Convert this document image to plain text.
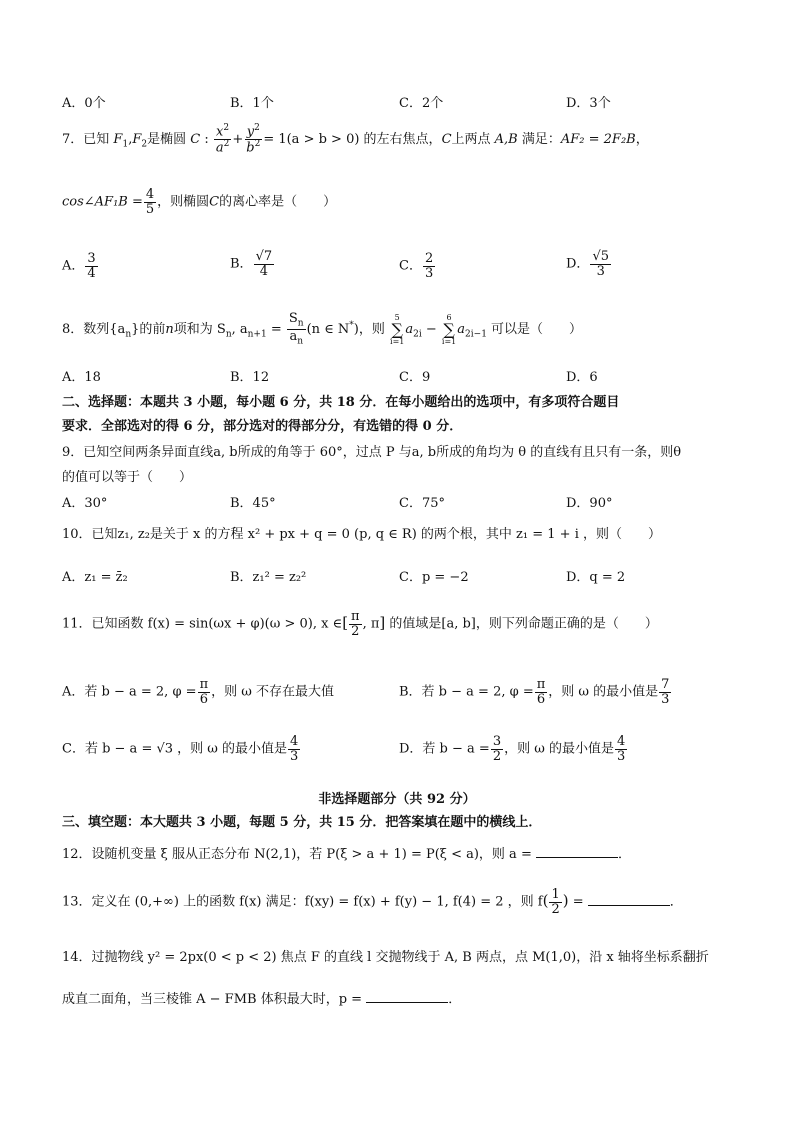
A．0个	B．1个	C．2个	D．3个
7．已知 $F_1,F_2$是椭圆 C : $\frac{x^2}{a^2} + \frac{y^2}{b^2} = 1(a > b > 0)$ 的左右焦点，C上两点 A,B 满足：AF₂ = 2F₂B，
cos∠AF₁B = $\frac{4}{5}$ ，则椭圆C的离心率是（　　）
A． $\frac{3}{4}$	B． $\frac{√7}{4}$	C． $\frac{2}{3}$	D． $\frac{√5}{3}$
8．数列$\{a_n\}$的前n项和为 $S_n$, $a_{n+1} = \frac{S_n}{a_n} (n$ ∈ N*)，则
5
∑
i=1
$a_{2i}$ −
6
∑
i=1
$a_{2i-1}$ 可以是（　　）
A．18	B．12	C．9	D．6
二、选择题：本题共 3 小题，每小题 6 分，共 18 分．在每小题给出的选项中，有多项符合题目
要求．全部选对的得 6 分，部分选对的得部分分，有选错的得 0 分．
9．已知空间两条异面直线a, b所成的角等于 60°，过点 P 与a, b所成的角均为 θ 的直线有且只有一条，则θ
的值可以等于（　　）
A．30°	B．45°	C．75°	D．90°
10．已知z₁, z₂是关于 x 的方程 x² + px + q = 0 (p, q ∈ R) 的两个根，其中 z₁ = 1 + i ，则（　　）
A．z₁ = z̄₂	B．z₁² = z₂²	C．p = −2	D．q = 2
11．已知函数 f(x) = sin(ωx + φ)(ω > 0), x ∈[ $\frac{\pi}{2}$ , π] 的值域是[a, b]，则下列命题正确的是（　　）
A．若 b − a = 2, $\varphi = \frac{\pi}{6}$ ，则 ω 不存在最大值	B．若 b − a = 2, $\varphi = \frac{\pi}{6}$ ，则 ω 的最小值是 $\frac{7}{3}$
C．若 b − a = √3 ，则 ω 的最小值是 $\frac{4}{3}$	D．若 $b - a = \frac{3}{2}$ ，则 ω 的最小值是 $\frac{4}{3}$
非选择题部分（共 92 分）
三、填空题：本大题共 3 小题，每题 5 分，共 15 分．把答案填在题中的横线上．
12．设随机变量 ξ 服从正态分布 N(2,1)，若 P(ξ > a + 1) = P(ξ < a)，则 a =	．
13．定义在 (0,+∞) 上的函数 f(x) 满足：f(xy) = f(x) + f(y) − 1, f(4) = 2 ，则 $f( \frac{1}{2}$ ) =	．
14．过抛物线 y² = 2px(0 < p < 2) 焦点 F 的直线 l 交抛物线于 A, B 两点，点 M(1,0)，沿 x 轴将坐标系翻折
成直二面角，当三棱锥 A − FMB 体积最大时，p =	．
